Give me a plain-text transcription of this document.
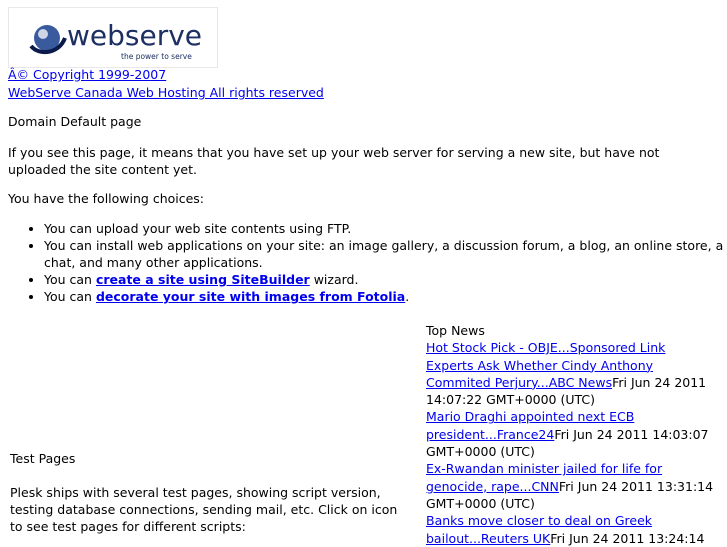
webserve
the power to serve
Â© Copyright 1999-2007
WebServe Canada Web Hosting All rights reserved

Domain Default page

If you see this page, it means that you have set up your web server for serving a new site, but have not uploaded the site content yet.

You have the following choices:

• You can upload your web site contents using FTP.
• You can install web applications on your site: an image gallery, a discussion forum, a blog, an online store, a chat, and many other applications.
• You can create a site using SiteBuilder wizard.
• You can decorate your site with images from Fotolia.
Top News
Hot Stock Pick - OBJE...Sponsored Link
Experts Ask Whether Cindy Anthony Commited Perjury...ABC NewsFri Jun 24 2011 14:07:22 GMT+0000 (UTC)
Mario Draghi appointed next ECB president...France24Fri Jun 24 2011 14:03:07 GMT+0000 (UTC)
Ex-Rwandan minister jailed for life for genocide, rape...CNNFri Jun 24 2011 13:31:14 GMT+0000 (UTC)
Banks move closer to deal on Greek bailout...Reuters UKFri Jun 24 2011 13:24:14
Test Pages
Plesk ships with several test pages, showing script version, testing database connections, sending mail, etc. Click on icon to see test pages for different scripts:
